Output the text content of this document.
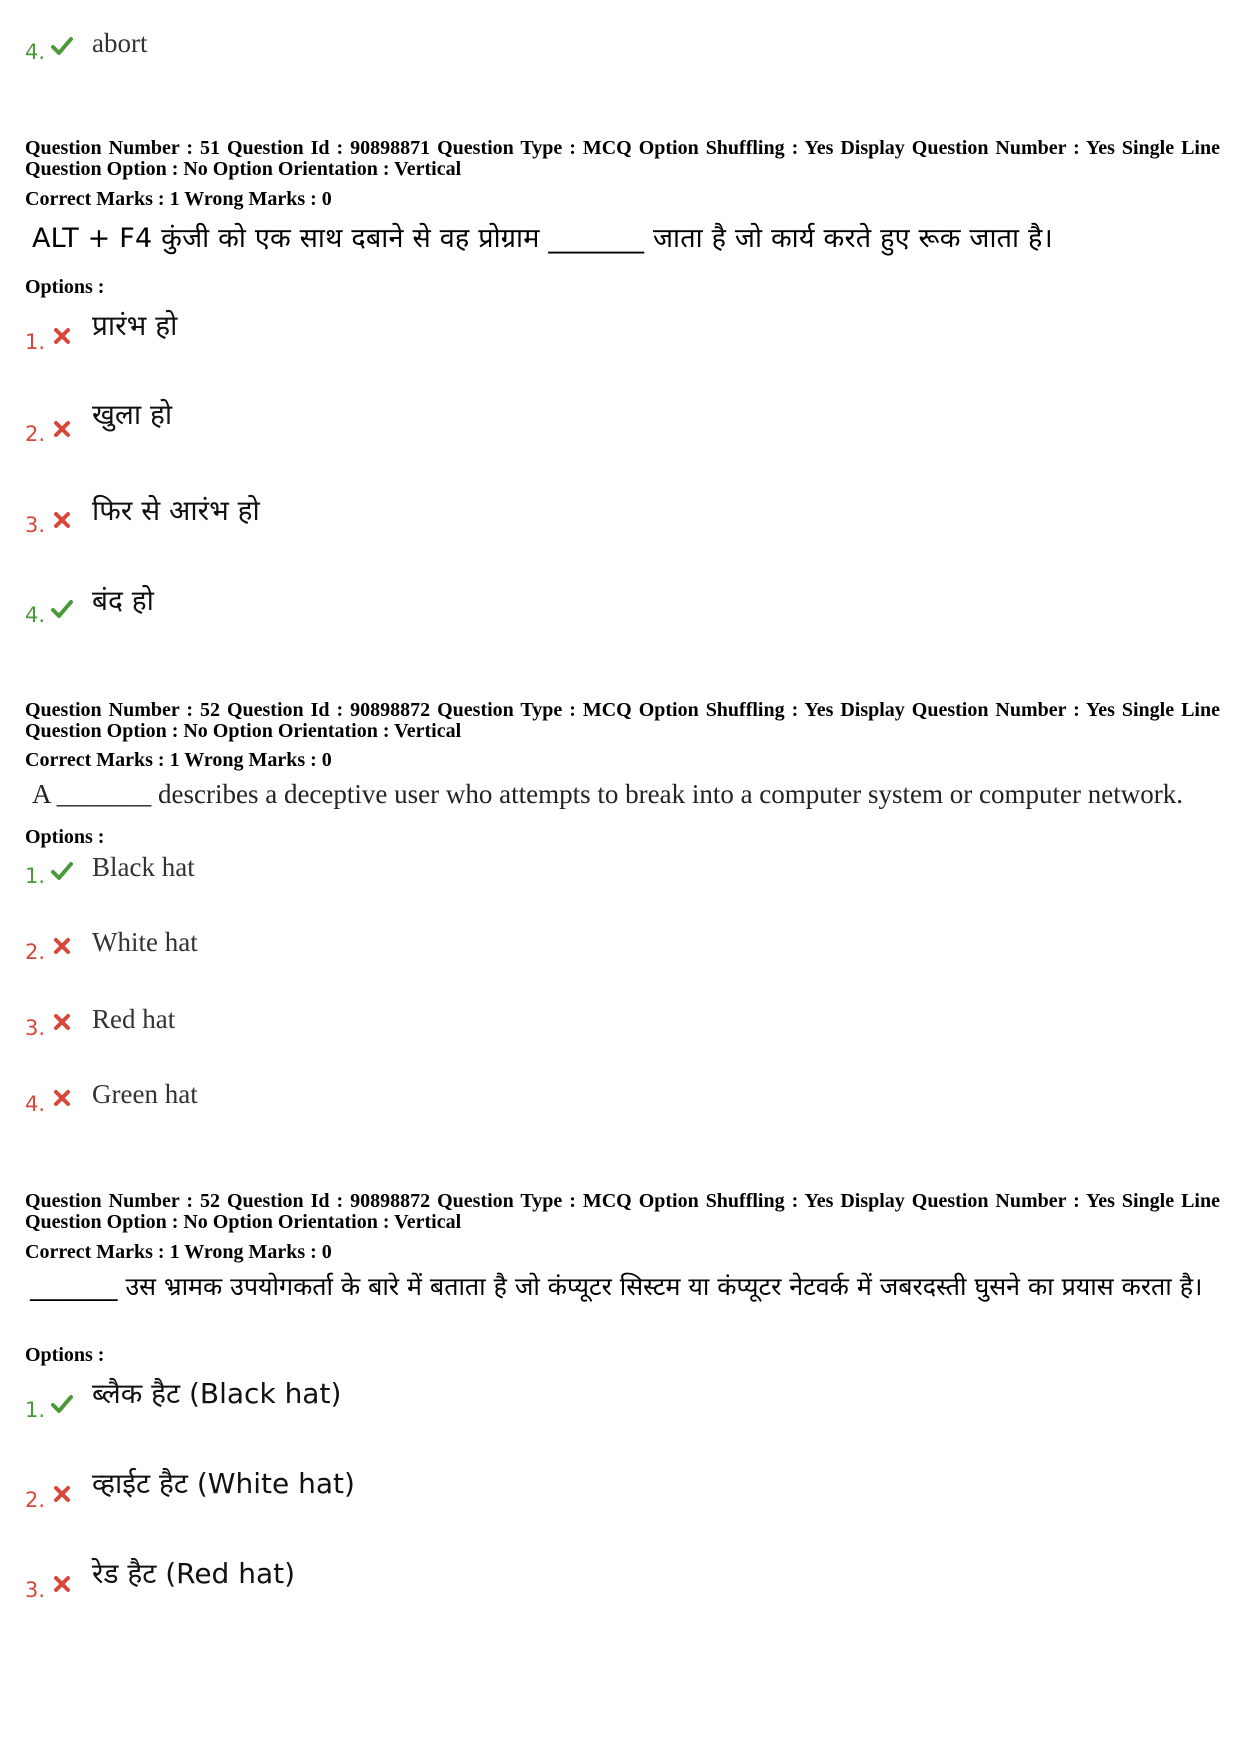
4. abort
Question Number : 51 Question Id : 90898871 Question Type : MCQ Option Shuffling : Yes Display Question Number : Yes Single Line Question Option : No Option Orientation : Vertical
Correct Marks : 1 Wrong Marks : 0
ALT + F4 कुंजी को एक साथ दबाने से वह प्रोग्राम _______ जाता है जो कार्य करते हुए रूक जाता है।
Options :
1. प्रारंभ हो
2.
खुला हो
3. फिर से आरंभ हो
4. बंद हो
Question Number : 52 Question Id : 90898872 Question Type : MCQ Option Shuffling : Yes Display Question Number : Yes Single Line Question Option : No Option Orientation : Vertical
Correct Marks : 1 Wrong Marks : 0
A _______ describes a deceptive user who attempts to break into a computer system or computer network.
Options :
1. Black hat
2. White hat
3. Red hat
4. Green hat
Question Number : 52 Question Id : 90898872 Question Type : MCQ Option Shuffling : Yes Display Question Number : Yes Single Line Question Option : No Option Orientation : Vertical
Correct Marks : 1 Wrong Marks : 0
_______ उस भ्रामक उपयोगकर्ता के बारे में बताता है जो कंप्यूटर सिस्टम या कंप्यूटर नेटवर्क में जबरदस्ती घुसने का प्रयास करता है।
Options :
1. ब्लैक हैट (Black hat)
2. व्हाईट हैट (White hat)
3. रेड हैट (Red hat)
